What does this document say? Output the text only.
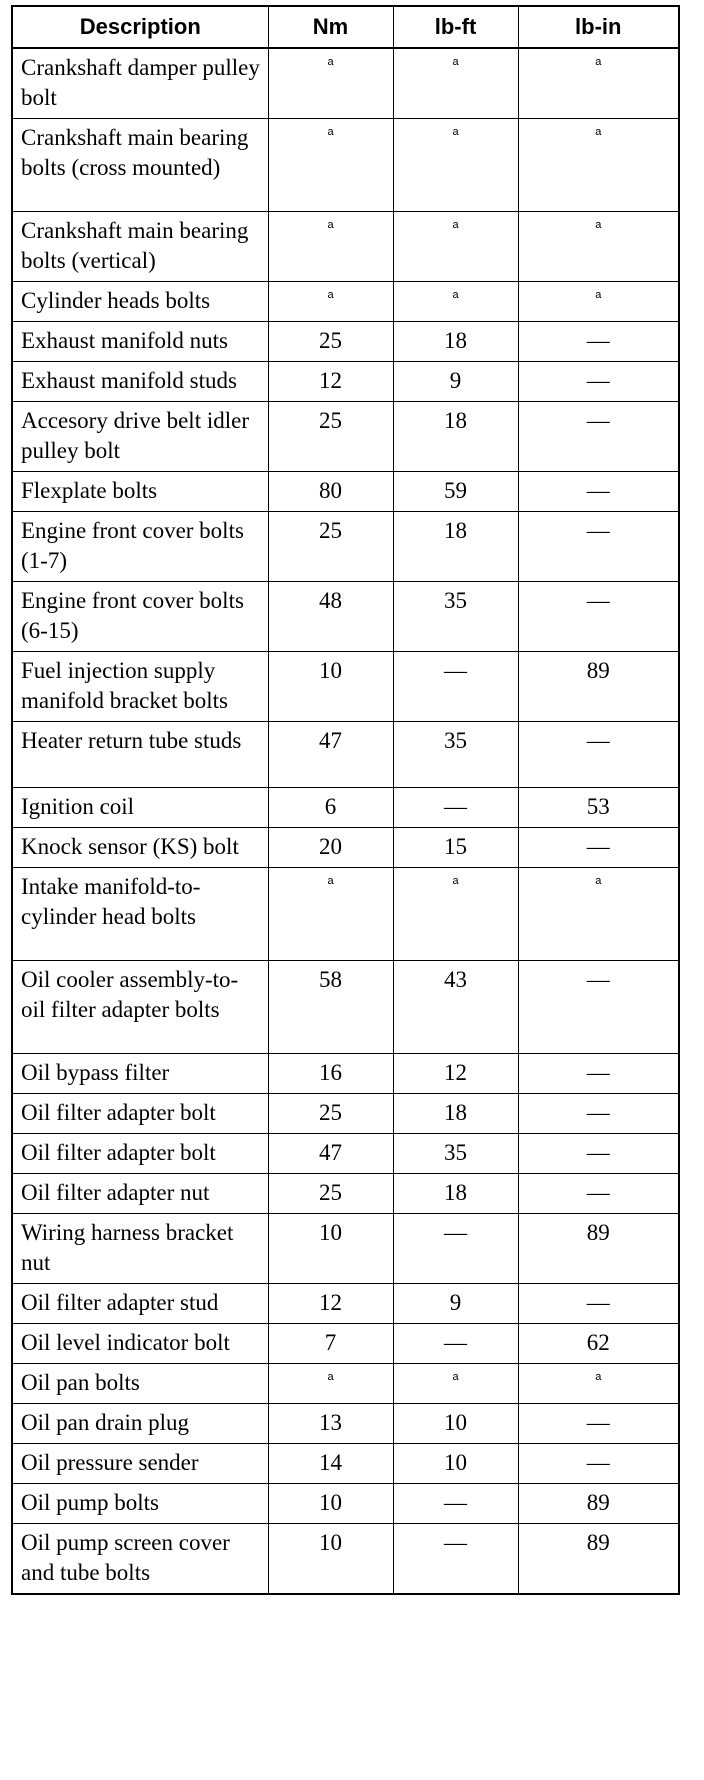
Description	Nm	lb-ft	lb-in
Crankshaft damper pulley bolt	a	a	a
Crankshaft main bearing bolts (cross mounted)	a	a	a
Crankshaft main bearing bolts (vertical)	a	a	a
Cylinder heads bolts	a	a	a
Exhaust manifold nuts	25	18	—
Exhaust manifold studs	12	9	—
Accesory drive belt idler pulley bolt	25	18	—
Flexplate bolts	80	59	—
Engine front cover bolts (1-7)	25	18	—
Engine front cover bolts (6-15)	48	35	—
Fuel injection supply manifold bracket bolts	10	—	89
Heater return tube studs	47	35	—
Ignition coil	6	—	53
Knock sensor (KS) bolt	20	15	—
Intake manifold-to-cylinder head bolts	a	a	a
Oil cooler assembly-to-oil filter adapter bolts	58	43	—
Oil bypass filter	16	12	—
Oil filter adapter bolt	25	18	—
Oil filter adapter bolt	47	35	—
Oil filter adapter nut	25	18	—
Wiring harness bracket nut	10	—	89
Oil filter adapter stud	12	9	—
Oil level indicator bolt	7	—	62
Oil pan bolts	a	a	a
Oil pan drain plug	13	10	—
Oil pressure sender	14	10	—
Oil pump bolts	10	—	89
Oil pump screen cover and tube bolts	10	—	89
